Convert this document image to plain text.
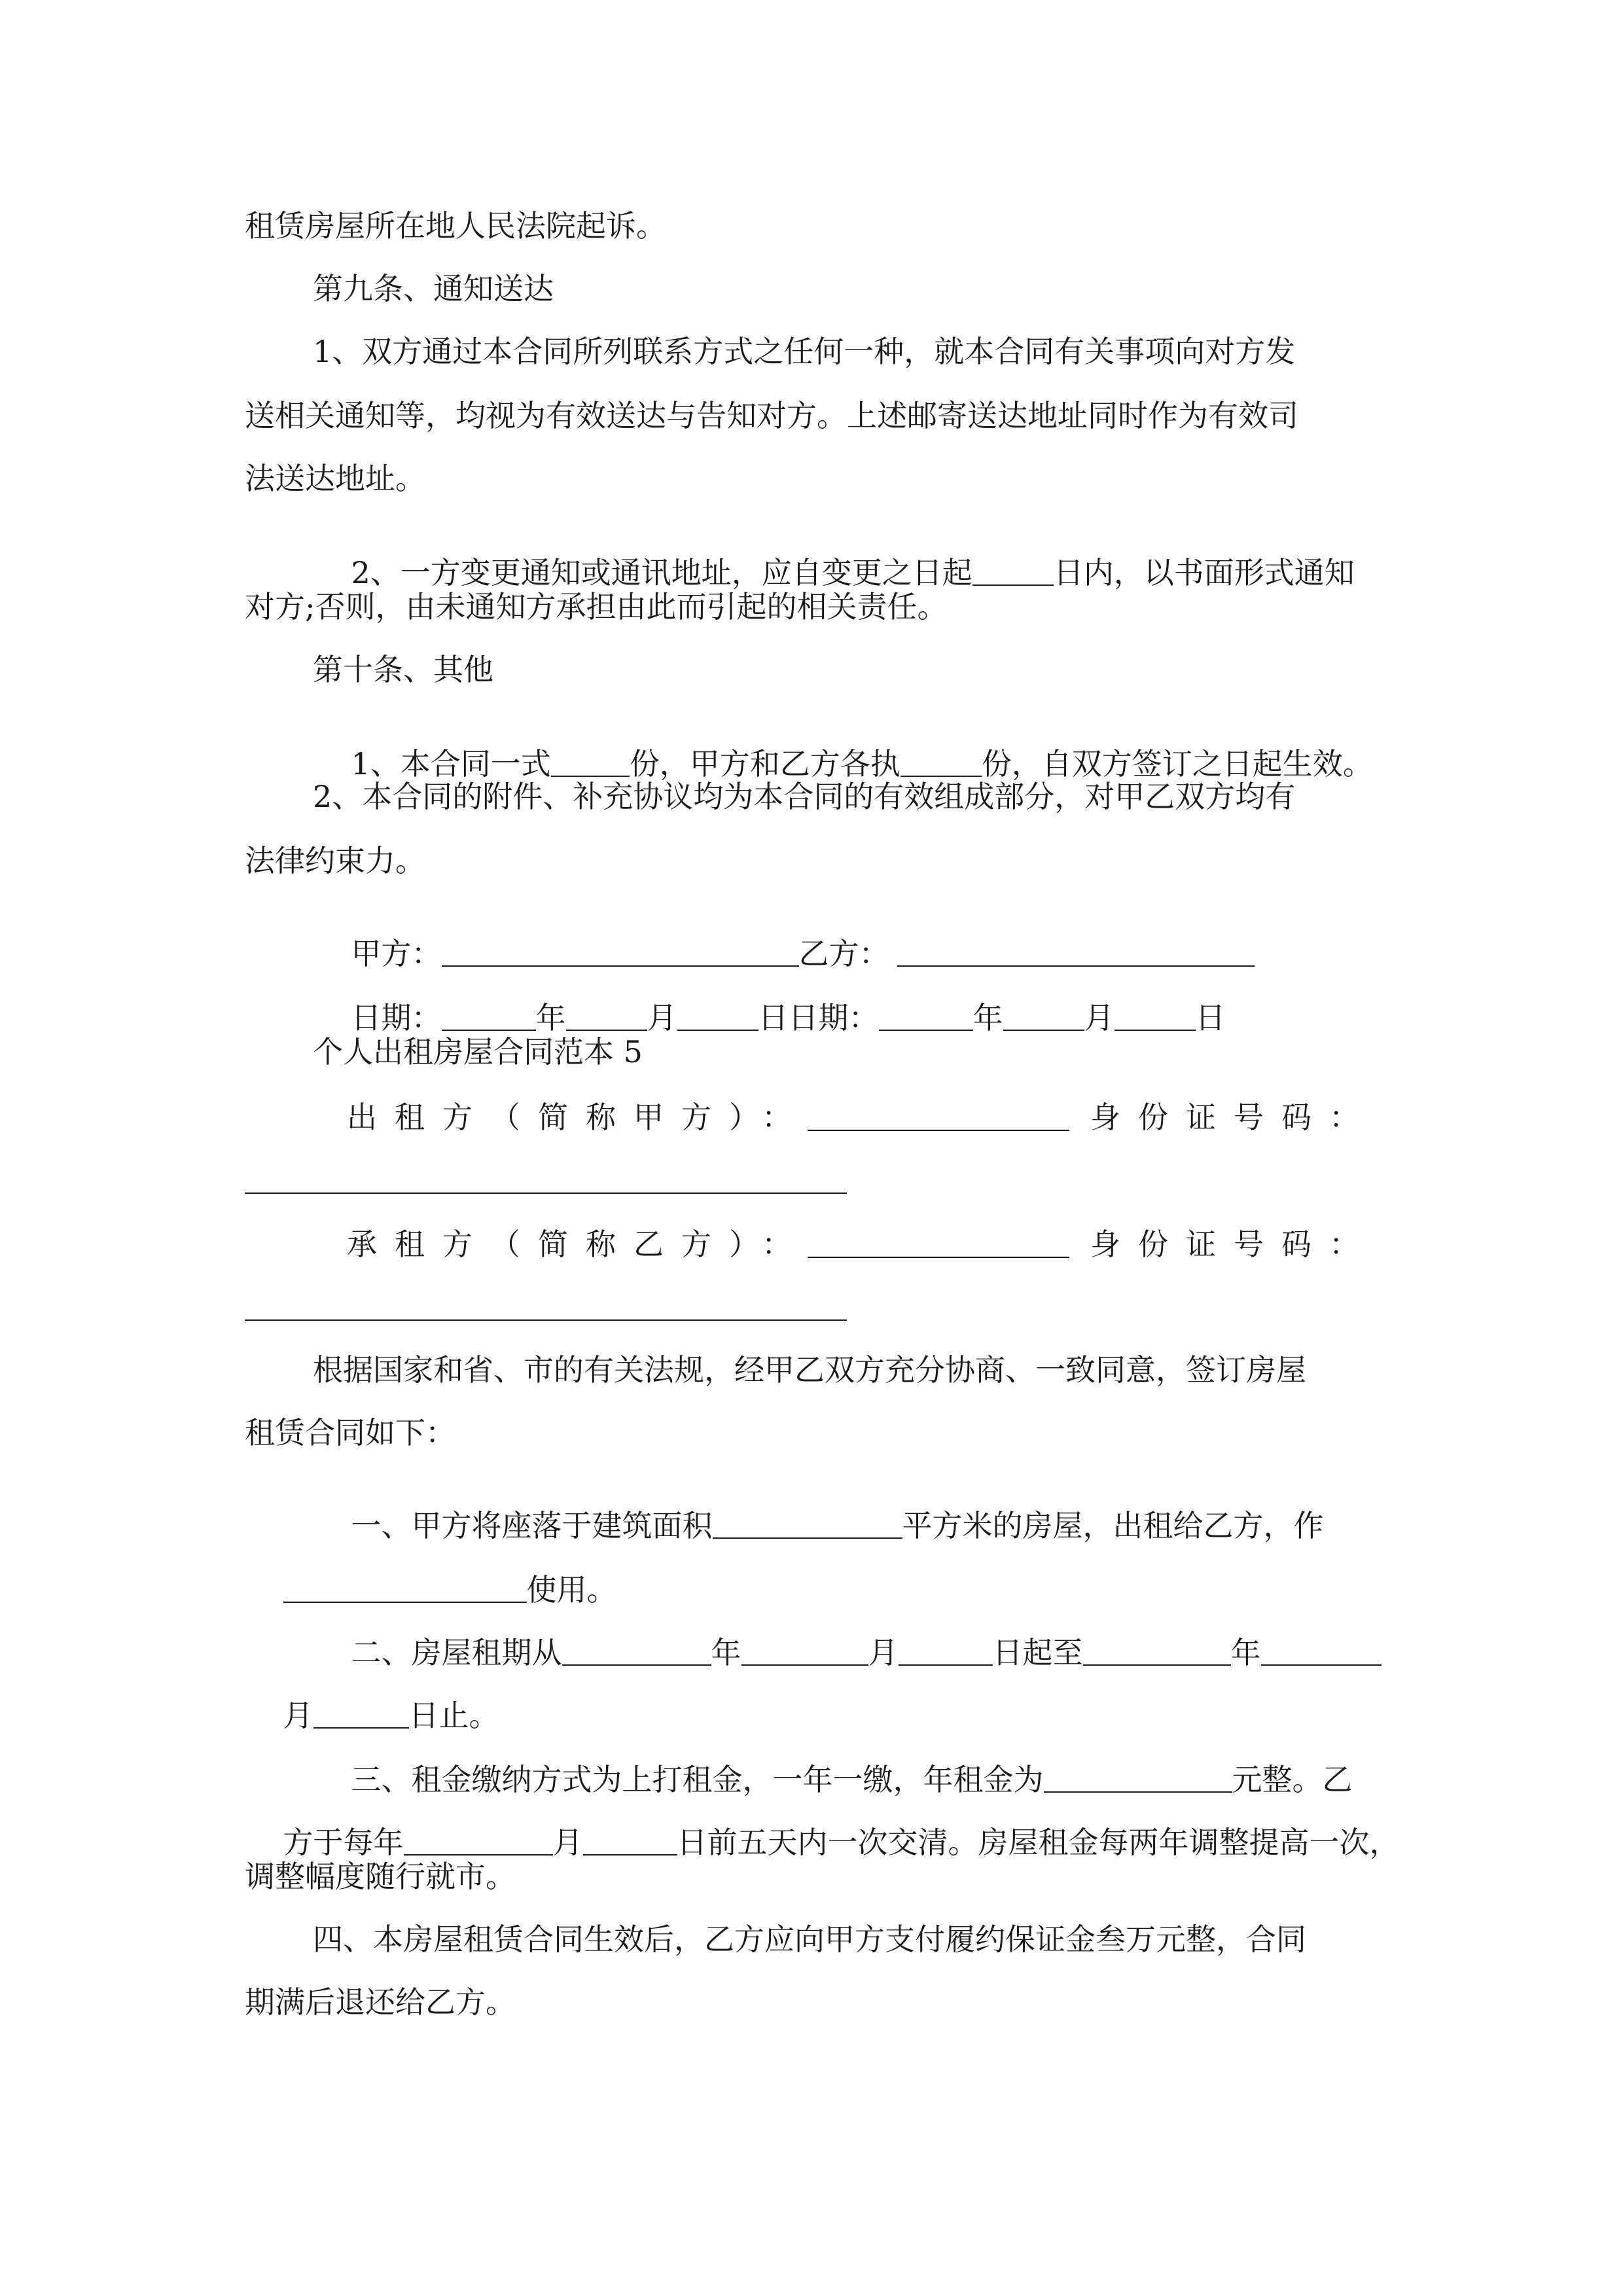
租赁房屋所在地人民法院起诉。
第九条、通知送达
1、双方通过本合同所列联系方式之任何一种，就本合同有关事项向对方发
送相关通知等，均视为有效送达与告知对方。上述邮寄送达地址同时作为有效司
法送达地址。

2、一方变更通知或通讯地址，应自变更之日起	日内，以书面形式通知

对方;否则，由未通知方承担由此而引起的相关责任。
第十条、其他

1、本合同一式	份，甲方和乙方各执	份，自双方签订之日起生效。

2、本合同的附件、补充协议均为本合同的有效组成部分，对甲乙双方均有
法律约束力。

甲方：	乙方：

日期：	年	月	日日期：	年	月	日

个人出租房屋合同范本 5
出租方（简称甲方）：	身份证号码：
承租方（简称乙方）：	身份证号码：
根据国家和省、市的有关法规，经甲乙双方充分协商、一致同意，签订房屋
租赁合同如下：

一、甲方将座落于建筑面积	平方米的房屋，出租给乙方，作

使用。

二、房屋租期从	年	月	日起至	年

月	日止。

三、租金缴纳方式为上打租金，一年一缴，年租金为	元整。乙

方于每年	月	日前五天内一次交清。房屋租金每两年调整提高一次，

调整幅度随行就市。
四、本房屋租赁合同生效后，乙方应向甲方支付履约保证金叁万元整，合同
期满后退还给乙方。
